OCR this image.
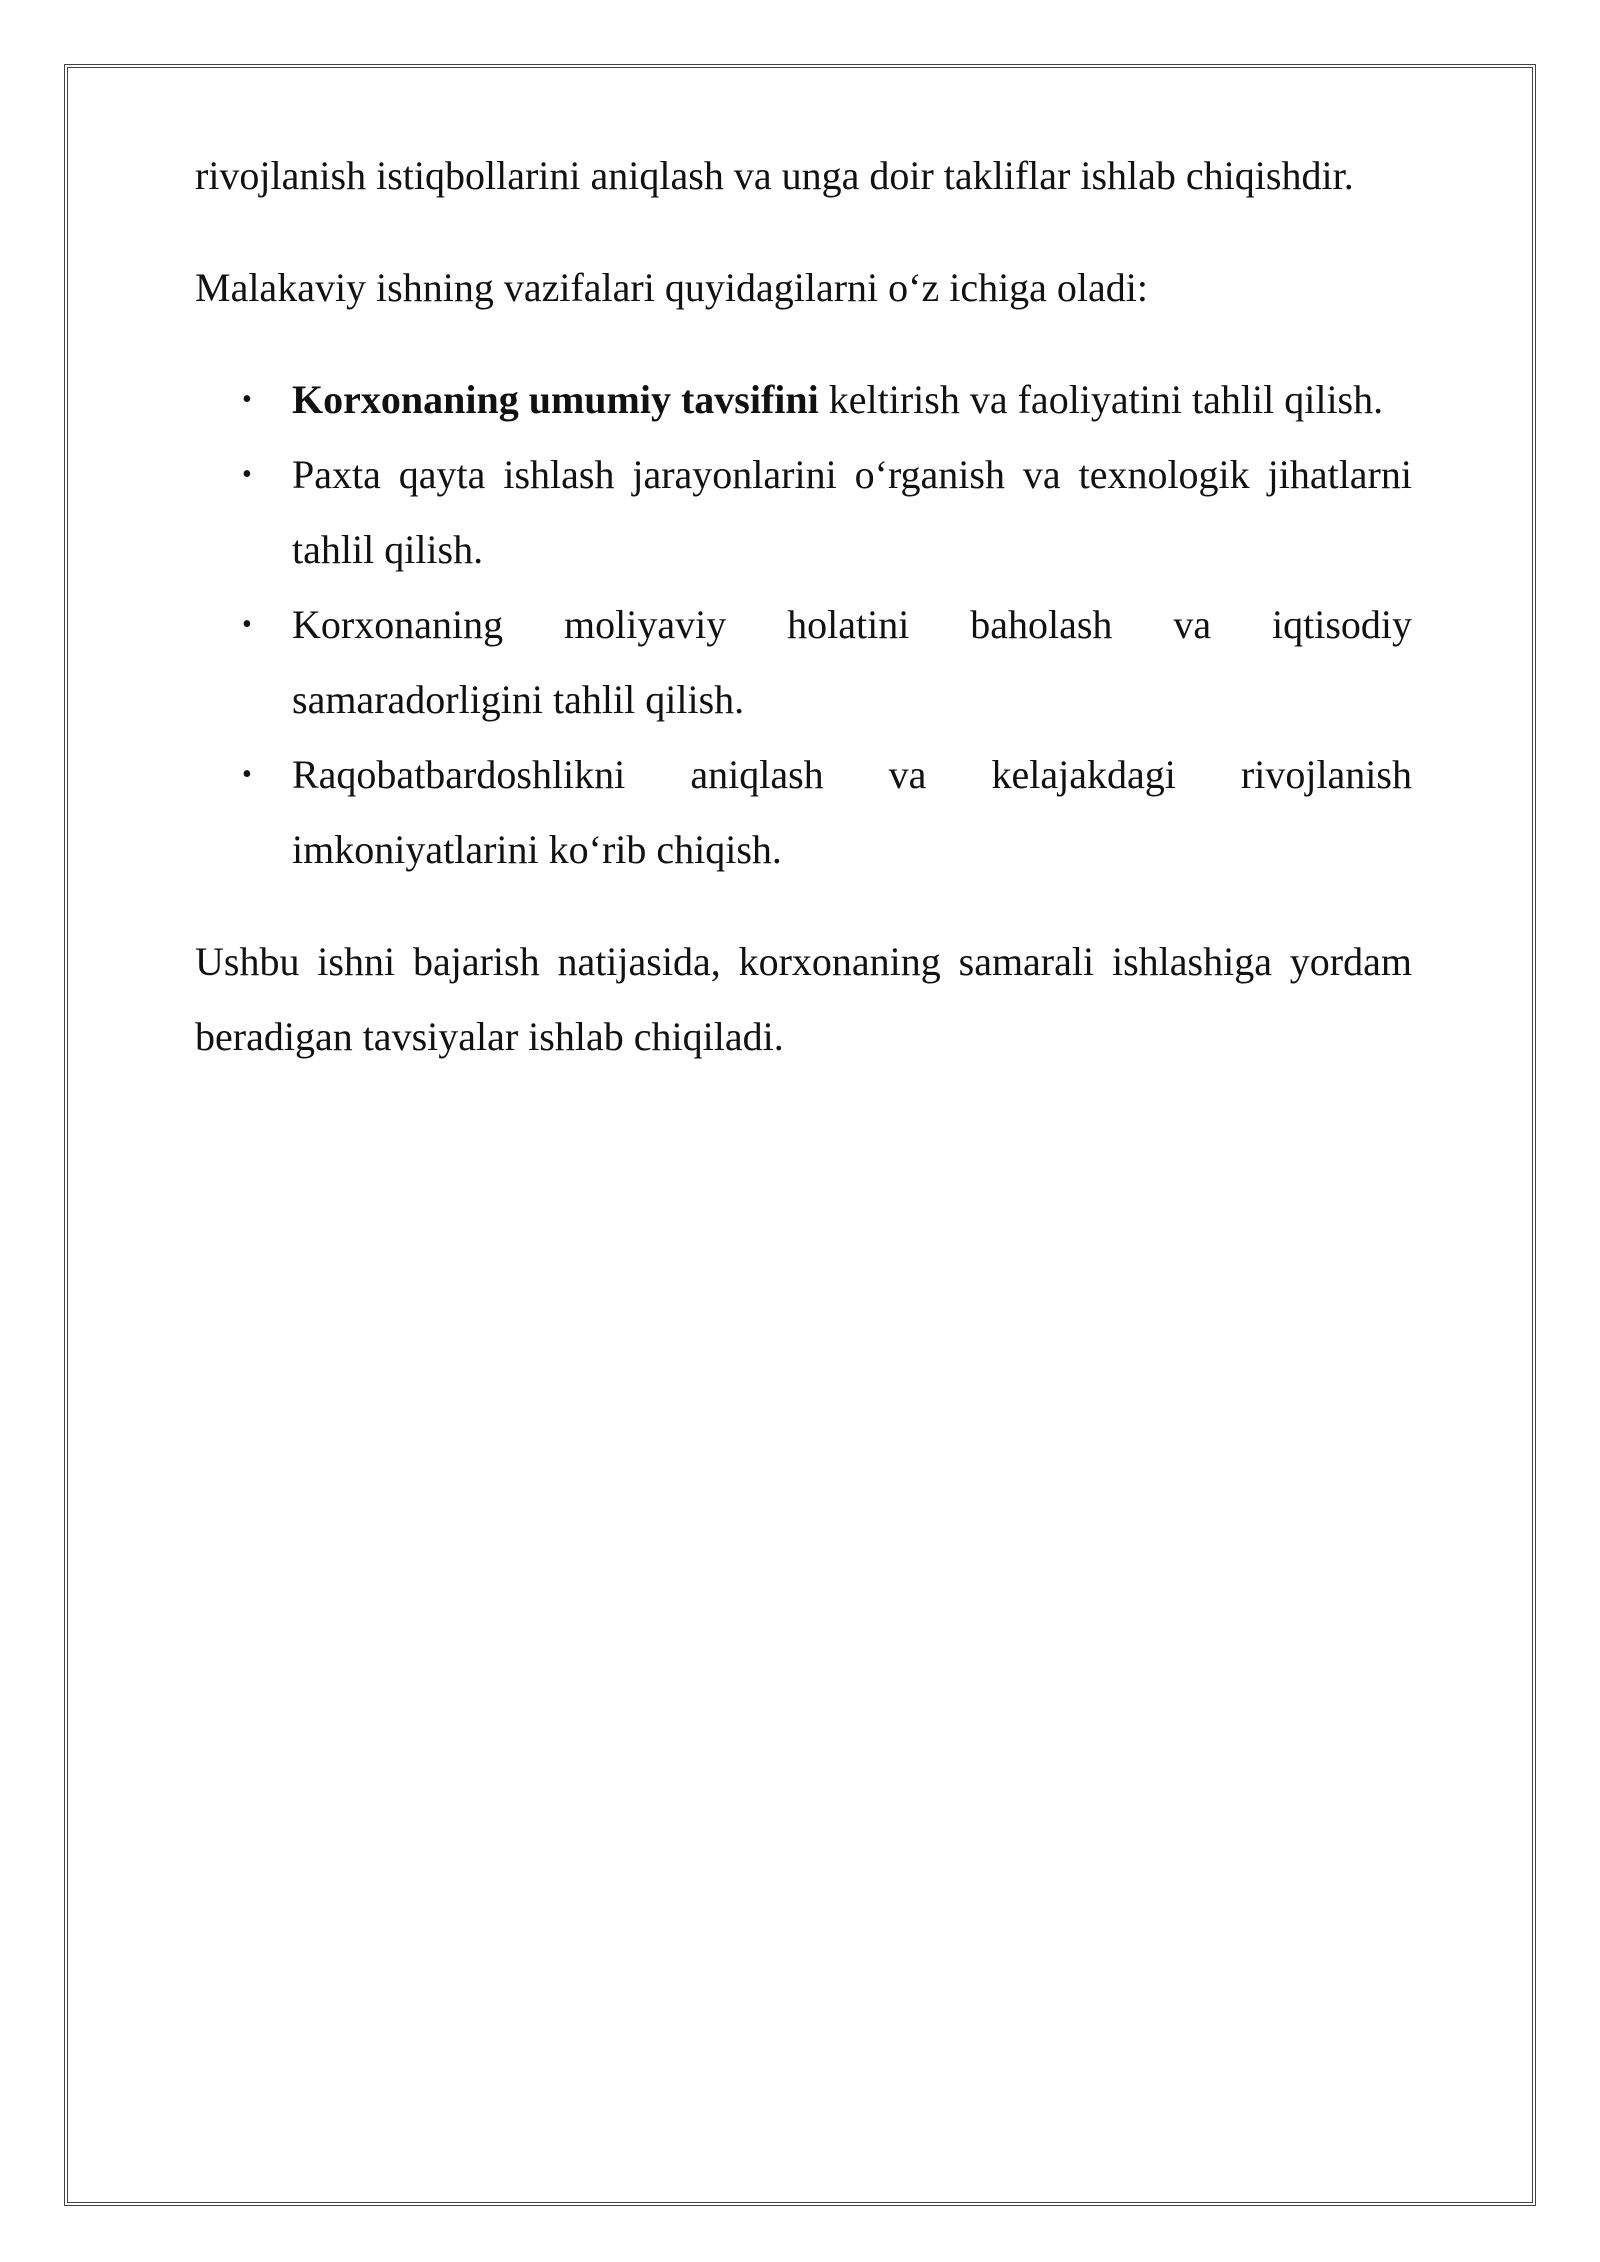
rivojlanish istiqbollarini aniqlash va unga doir takliflar ishlab chiqishdir.

Malakaviy ishning vazifalari quyidagilarni o‘z ichiga oladi:

• Korxonaning umumiy tavsifini keltirish va faoliyatini tahlil qilish.
• Paxta qayta ishlash jarayonlarini o‘rganish va texnologik jihatlarni tahlil qilish.
• Korxonaning moliyaviy holatini baholash va iqtisodiy samaradorligini tahlil qilish.
• Raqobatbardoshlikni aniqlash va kelajakdagi rivojlanish imkoniyatlarini ko‘rib chiqish.

Ushbu ishni bajarish natijasida, korxonaning samarali ishlashiga yordam beradigan tavsiyalar ishlab chiqiladi.
